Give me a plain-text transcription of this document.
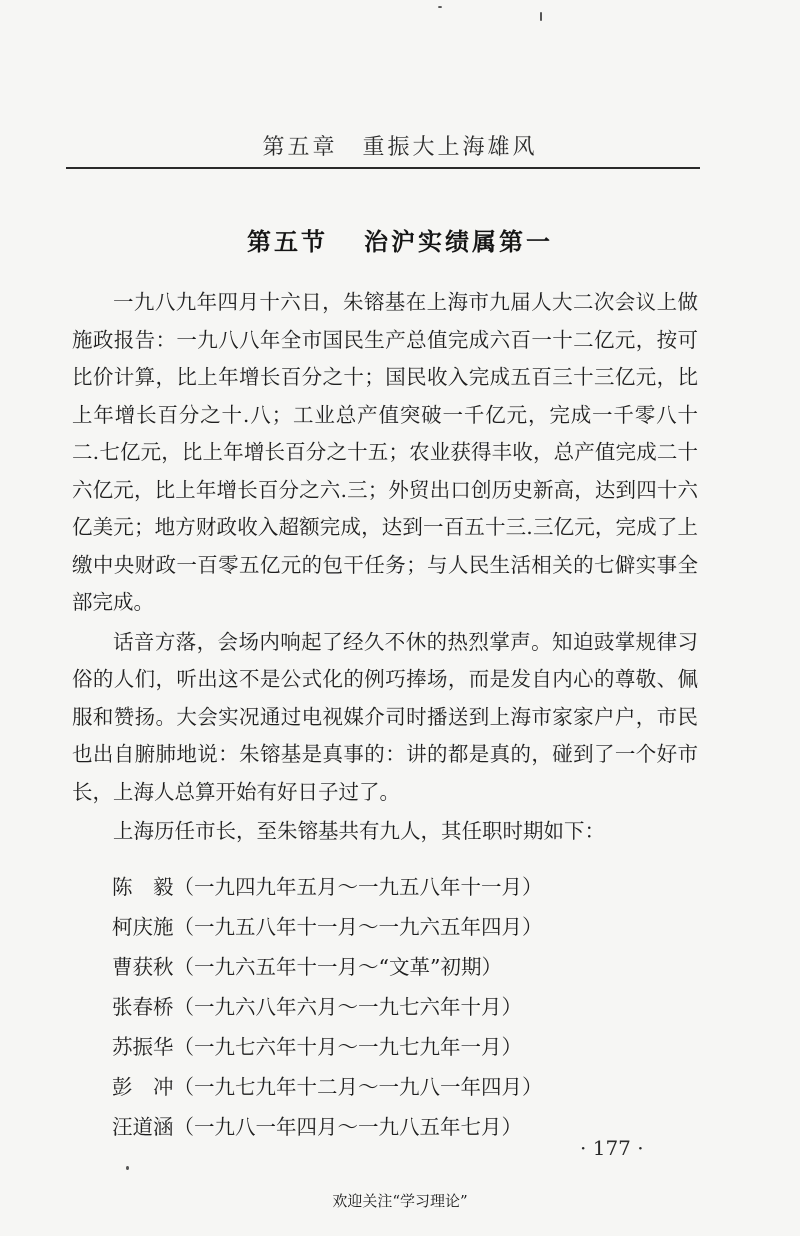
第五章　重振大上海雄风
第五节 治沪实绩属第一

一九八九年四月十六日，朱镕基在上海市九届人大二次会议上做施政报告：一九八八年全市国民生产总值完成六百一十二亿元，按可比价计算，比上年增长百分之十；国民收入完成五百三十三亿元，比上年增长百分之十.八；工业总产值突破一千亿元，完成一千零八十二.七亿元，比上年增长百分之十五；农业获得丰收，总产值完成二十六亿元，比上年增长百分之六.三；外贸出口创历史新高，达到四十六亿美元；地方财政收入超额完成，达到一百五十三.三亿元，完成了上缴中央财政一百零五亿元的包干任务；与人民生活相关的七僻实事全部完成。

话音方落，会场内响起了经久不休的热烈掌声。知迫豉掌规律习俗的人们，听出这不是公式化的例巧捧场，而是发自内心的尊敬、佩服和赞扬。大会实况通过电视媒介司时播送到上海市家家户户，市民也出自腑肺地说：朱镕基是真事的：讲的都是真的，碰到了一个好市长，上海人总算开始有好日子过了。

上海历任市长，至朱镕基共有九人，其任职时期如下：

陈　毅（一九四九年五月～一九五八年十一月）
柯庆施（一九五八年十一月～一九六五年四月）
曹获秋（一九六五年十一月～“文革”初期）
张春桥（一九六八年六月～一九七六年十月）
苏振华（一九七六年十月～一九七九年一月）
彭　冲（一九七九年十二月～一九八一年四月）
汪道涵（一九八一年四月～一九八五年七月）
· 177 ·
欢迎关注“学习理论”
